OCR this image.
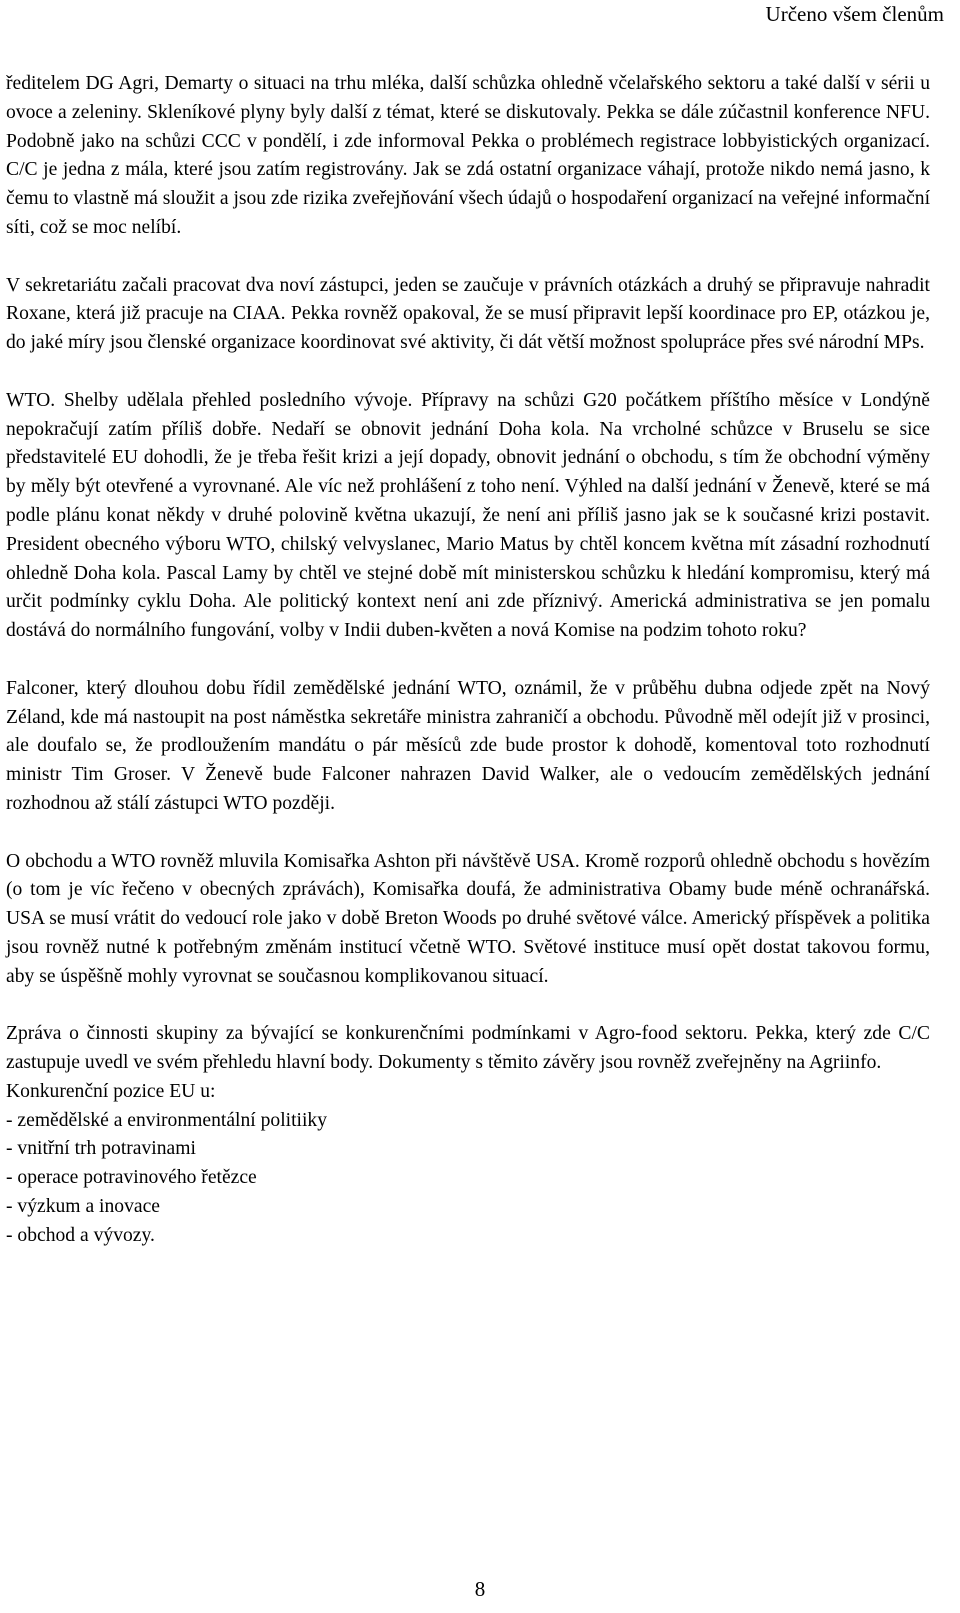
Určeno všem členům

ředitelem DG Agri, Demarty o situaci na trhu mléka, další schůzka ohledně včelařského sektoru a také další v sérii u ovoce a zeleniny. Skleníkové plyny byly další z témat, které se diskutovaly. Pekka se dále zúčastnil konference NFU. Podobně jako na schůzi CCC v pondělí, i zde informoval Pekka o problémech registrace lobbyistických organizací. C/C je jedna z mála, které jsou zatím registrovány. Jak se zdá ostatní organizace váhají, protože nikdo nemá jasno, k čemu to vlastně má sloužit a jsou zde rizika zveřejňování všech údajů o hospodaření organizací na veřejné informační síti, což se moc nelíbí.

V sekretariátu začali pracovat dva noví zástupci, jeden se zaučuje v právních otázkách a druhý se připravuje nahradit Roxane, která již pracuje na CIAA. Pekka rovněž opakoval, že se musí připravit lepší koordinace pro EP, otázkou je, do jaké míry jsou členské organizace koordinovat své aktivity, či dát větší možnost spolupráce přes své národní MPs.

WTO. Shelby udělala přehled posledního vývoje. Přípravy na schůzi G20 počátkem příštího měsíce v Londýně nepokračují zatím příliš dobře. Nedaří se obnovit jednání Doha kola. Na vrcholné schůzce v Bruselu se sice představitelé EU dohodli, že je třeba řešit krizi a její dopady, obnovit jednání o obchodu, s tím že obchodní výměny by měly být otevřené a vyrovnané. Ale víc než prohlášení z toho není. Výhled na další jednání v Ženevě, které se má podle plánu konat někdy v druhé polovině května ukazují, že není ani příliš jasno jak se k současné krizi postavit. President obecného výboru WTO, chilský velvyslanec, Mario Matus by chtěl koncem května mít zásadní rozhodnutí ohledně Doha kola. Pascal Lamy by chtěl ve stejné době mít ministerskou schůzku k hledání kompromisu, který má určit podmínky cyklu Doha. Ale politický kontext není ani zde příznivý. Americká administrativa se jen pomalu dostává do normálního fungování, volby v Indii duben-květen a nová Komise na podzim tohoto roku?

Falconer, který dlouhou dobu řídil zemědělské jednání WTO, oznámil, že v průběhu dubna odjede zpět na Nový Zéland, kde má nastoupit na post náměstka sekretáře ministra zahraničí a obchodu. Původně měl odejít již v prosinci, ale doufalo se, že prodloužením mandátu o pár měsíců zde bude prostor k dohodě, komentoval toto rozhodnutí ministr Tim Groser. V Ženevě bude Falconer nahrazen David Walker, ale o vedoucím zemědělských jednání rozhodnou až stálí zástupci WTO později.

O obchodu a WTO rovněž mluvila Komisařka Ashton při návštěvě USA. Kromě rozporů ohledně obchodu s hovězím (o tom je víc řečeno v obecných zprávách), Komisařka doufá, že administrativa Obamy bude méně ochranářská. USA se musí vrátit do vedoucí role jako v době Breton Woods po druhé světové válce. Americký příspěvek a politika jsou rovněž nutné k potřebným změnám institucí včetně WTO. Světové instituce musí opět dostat takovou formu, aby se úspěšně mohly vyrovnat se současnou komplikovanou situací.

Zpráva o činnosti skupiny za bývající se konkurenčními podmínkami v Agro-food sektoru. Pekka, který zde C/C zastupuje uvedl ve svém přehledu hlavní body. Dokumenty s těmito závěry jsou rovněž zveřejněny na Agriinfo.

Konkurenční pozice EU u:

- zemědělské a environmentální politiiky

- vnitřní trh potravinami

- operace potravinového řetězce

- výzkum a inovace

- obchod a vývozy.

8
